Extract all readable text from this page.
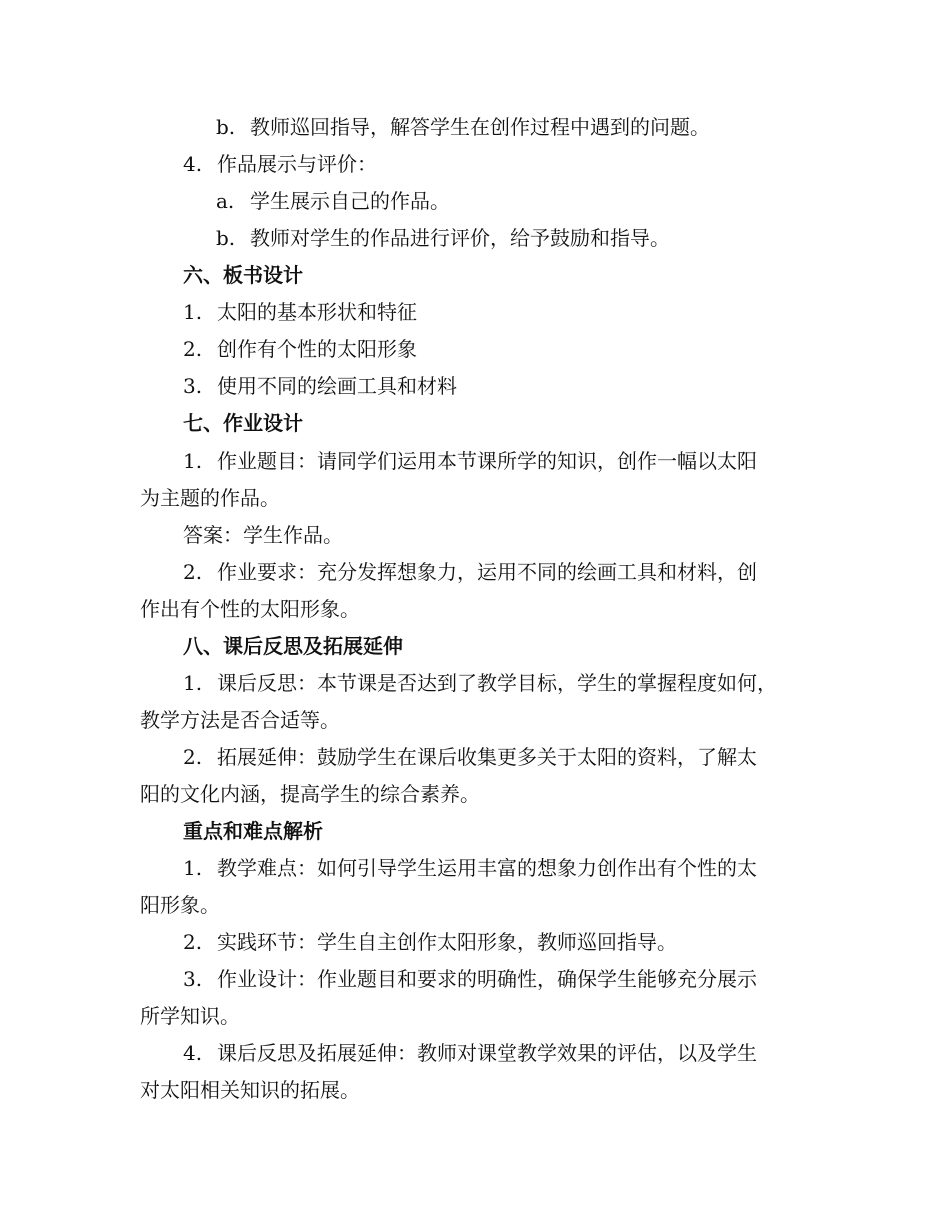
b. 教师巡回指导，解答学生在创作过程中遇到的问题。
4. 作品展示与评价：
a. 学生展示自己的作品。
b. 教师对学生的作品进行评价，给予鼓励和指导。
六、板书设计
1. 太阳的基本形状和特征
2. 创作有个性的太阳形象
3. 使用不同的绘画工具和材料
七、作业设计
1. 作业题目：请同学们运用本节课所学的知识，创作一幅以太阳
为主题的作品。
答案：学生作品。
2. 作业要求：充分发挥想象力，运用不同的绘画工具和材料，创
作出有个性的太阳形象。
八、课后反思及拓展延伸
1. 课后反思：本节课是否达到了教学目标，学生的掌握程度如何，
教学方法是否合适等。
2. 拓展延伸：鼓励学生在课后收集更多关于太阳的资料，了解太
阳的文化内涵，提高学生的综合素养。
重点和难点解析
1. 教学难点：如何引导学生运用丰富的想象力创作出有个性的太
阳形象。
2. 实践环节：学生自主创作太阳形象，教师巡回指导。
3. 作业设计：作业题目和要求的明确性，确保学生能够充分展示
所学知识。
4. 课后反思及拓展延伸：教师对课堂教学效果的评估，以及学生
对太阳相关知识的拓展。
